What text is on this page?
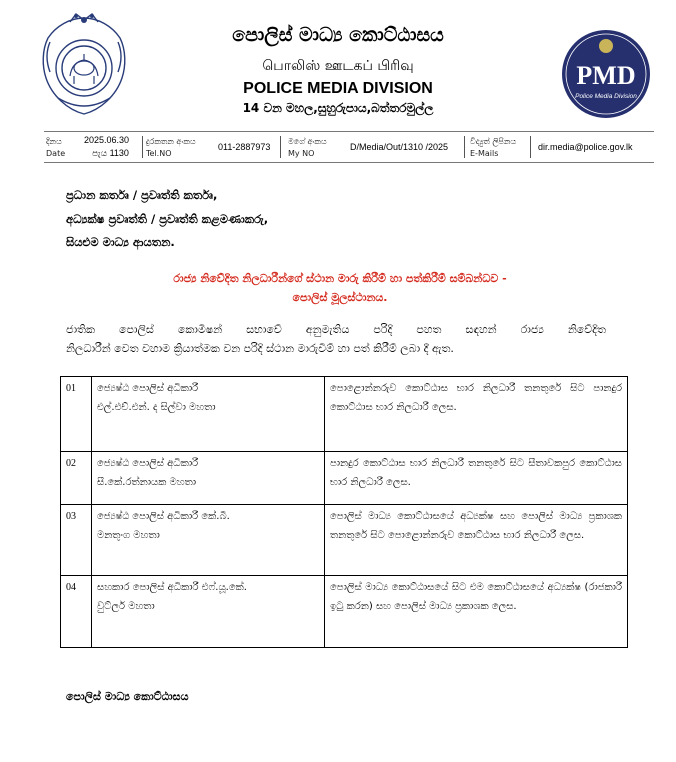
පොලිස් මාධ්‍ය කොට්ඨාසය
பொலிஸ் ஊடகப் பிரிவு
POLICE MEDIA DIVISION
14 වන මහල,සුහුරුපාය,බත්තරමුල්ල
PMD
Police Media Division
දිනය
Date
2025.06.30
පැය 1130
දුරකතන අංකය
Tel.NO
011-2887973
මගේ අංකය
My NO
D/Media/Out/1310 /2025
විද්‍යුත් ලිපිනය
E-Mails
dir.media@police.gov.lk
ප්‍රධාන කර්තෘ / ප්‍රවෘත්ති කර්තෘ,
අධ්‍යක්ෂ ප්‍රවෘත්ති / ප්‍රවෘත්ති කළමණාකරු,
සියළුම මාධ්‍ය ආයතන.
රාජ්‍ය නිවේදිත නිලධාරීන්ගේ ස්ථාන මාරු කිරීම් හා පත්කිරීම් සම්බන්ධව -
පොලිස් මූලස්ථානය.
ජාතික පොලිස් කොමිෂන් සභාවේ අනුමැතිය පරිදි පහත සඳහන් රාජ්‍ය නිවේදිත
නිලධාරීන් වෙත වහාම ක්‍රියාත්මක වන පරිදි ස්ථාන මාරුවීම් හා පත් කිරීම් ලබා දී ඇත.
01	ජ්‍යෙෂ්ඨ පොලිස් අධිකාරී
එල්.එච්.එන්. ද සිල්වා මහතා	පොළොන්නරුව කොට්ඨාස භාර නිලධාරී තනතුරේ සිට පානදුර කොට්ඨාස භාර නිලධාරී ලෙස.
02	ජ්‍යෙෂ්ඨ පොලිස් අධිකාරී
සී.කේ.රත්නායක මහතා	පානදුර කොට්ඨාස භාර නිලධාරී තනතුරේ සිට සීතාවකපුර කොට්ඨාස භාර නිලධාරී ලෙස.
03	ජ්‍යෙෂ්ඨ පොලිස් අධිකාරී කේ.බී.
මනතුංග මහතා	පොලිස් මාධ්‍ය කොට්ඨාසයේ අධ්‍යක්ෂ සහ පොලිස් මාධ්‍ය ප්‍රකාශක තනතුරේ සිට පොළොන්නරුව කොට්ඨාස භාර නිලධාරී ලෙස.
04	සහකාර පොලිස් අධිකාරී එෆ්.යූ.කේ.
වුට්ලර් මහතා	පොලිස් මාධ්‍ය කොට්ඨාසයේ සිට එම කොට්ඨාසයේ අධ්‍යක්ෂ (රාජකාරී ඉටු කරන) සහ පොලිස් මාධ්‍ය ප්‍රකාශක ලෙස.
පොලිස් මාධ්‍ය කොට්ඨාසය
